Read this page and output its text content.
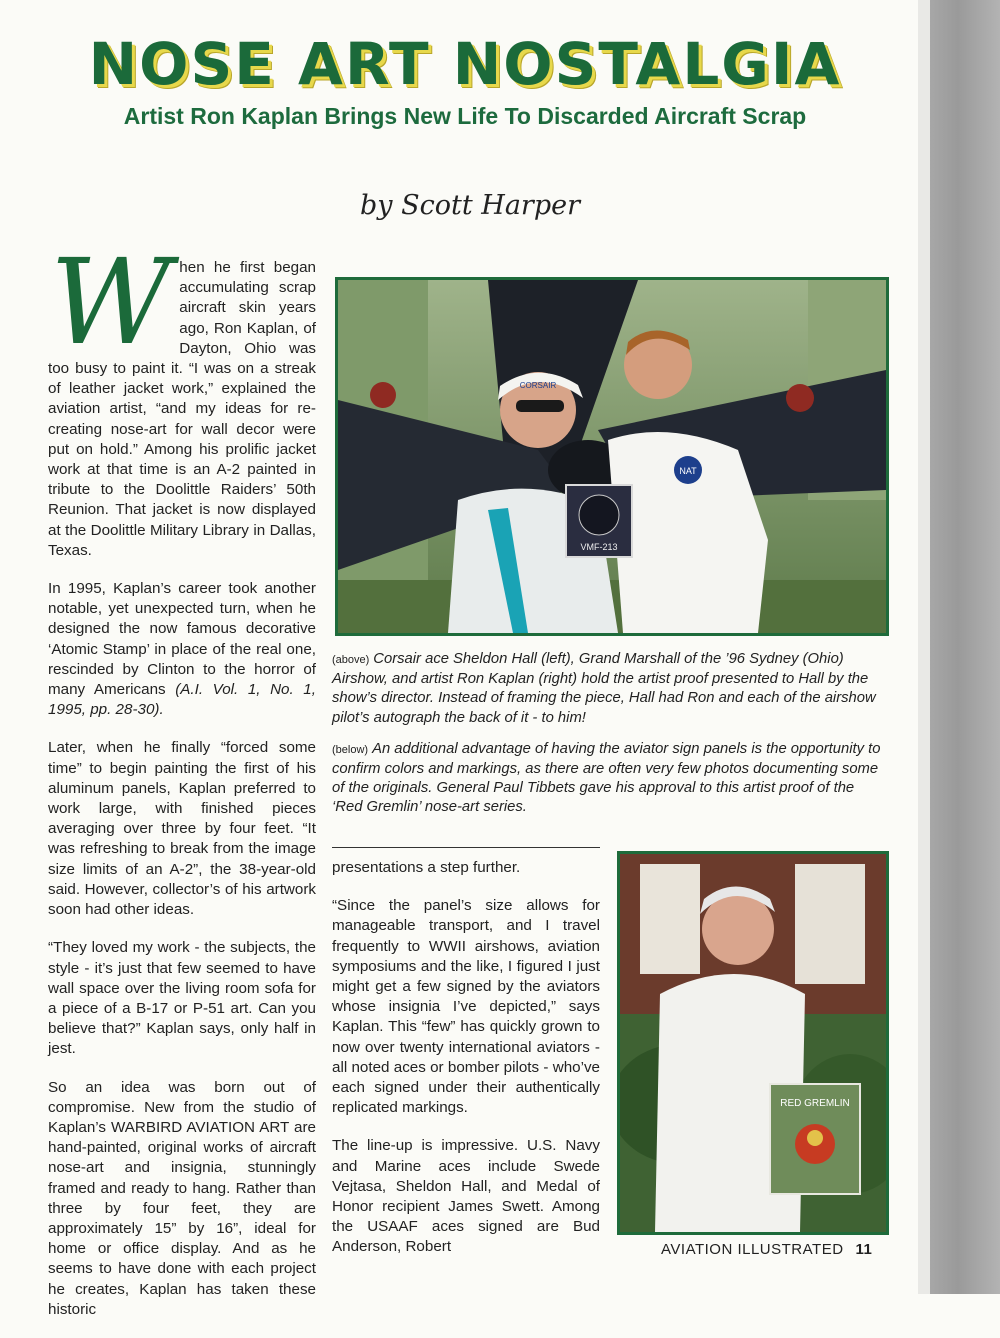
NOSE ART NOSTALGIA
Artist Ron Kaplan Brings New Life To Discarded Aircraft Scrap
by Scott Harper

When he first began accumulating scrap aircraft skin years ago, Ron Kaplan, of Dayton, Ohio was too busy to paint it. “I was on a streak of leather jacket work,” explained the aviation artist, “and my ideas for re-creating nose-art for wall decor were put on hold.” Among his prolific jacket work at that time is an A-2 painted in tribute to the Doolittle Raiders’ 50th Reunion. That jacket is now displayed at the Doolittle Military Library in Dallas, Texas.

In 1995, Kaplan’s career took another notable, yet unexpected turn, when he designed the now famous decorative ‘Atomic Stamp’ in place of the real one, rescinded by Clinton to the horror of many Americans (A.I. Vol. 1, No. 1, 1995, pp. 28-30).

Later, when he finally “forced some time” to begin painting the first of his aluminum panels, Kaplan preferred to work large, with finished pieces averaging over three by four feet. “It was refreshing to break from the image size limits of an A-2”, the 38-year-old said. However, collector’s of his artwork soon had other ideas.

“They loved my work - the subjects, the style - it’s just that few seemed to have wall space over the living room sofa for a piece of a B-17 or P-51 art. Can you believe that?” Kaplan says, only half in jest.

So an idea was born out of compromise. New from the studio of Kaplan’s WARBIRD AVIATION ART are hand-painted, original works of aircraft nose-art and insignia, stunningly framed and ready to hang. Rather than three by four feet, they are approximately 15” by 16”, ideal for home or office display. And as he seems to have done with each project he creates, Kaplan has taken these historic

NAT
CORSAIR
VMF-213

(above) Corsair ace Sheldon Hall (left), Grand Marshall of the ’96 Sydney (Ohio) Airshow, and artist Ron Kaplan (right) hold the artist proof presented to Hall by the show’s director. Instead of framing the piece, Hall had Ron and each of the airshow pilot’s autograph the back of it - to him!

(below) An additional advantage of having the aviator sign panels is the opportunity to confirm colors and markings, as there are often very few photos documenting some of the originals. General Paul Tibbets gave his approval to this artist proof of the ‘Red Gremlin’ nose-art series.

presentations a step further.

“Since the panel’s size allows for manageable transport, and I travel frequently to WWII airshows, aviation symposiums and the like, I figured I just might get a few signed by the aviators whose insignia I’ve depicted,” says Kaplan. This “few” has quickly grown to now over twenty international aviators - all noted aces or bomber pilots - who’ve each signed under their authentically replicated markings.

The line-up is impressive. U.S. Navy and Marine aces include Swede Vejtasa, Sheldon Hall, and Medal of Honor recipient James Swett. Among the USAAF aces signed are Bud Anderson, Robert

RED GREMLIN
AVIATION ILLUSTRATED 11
